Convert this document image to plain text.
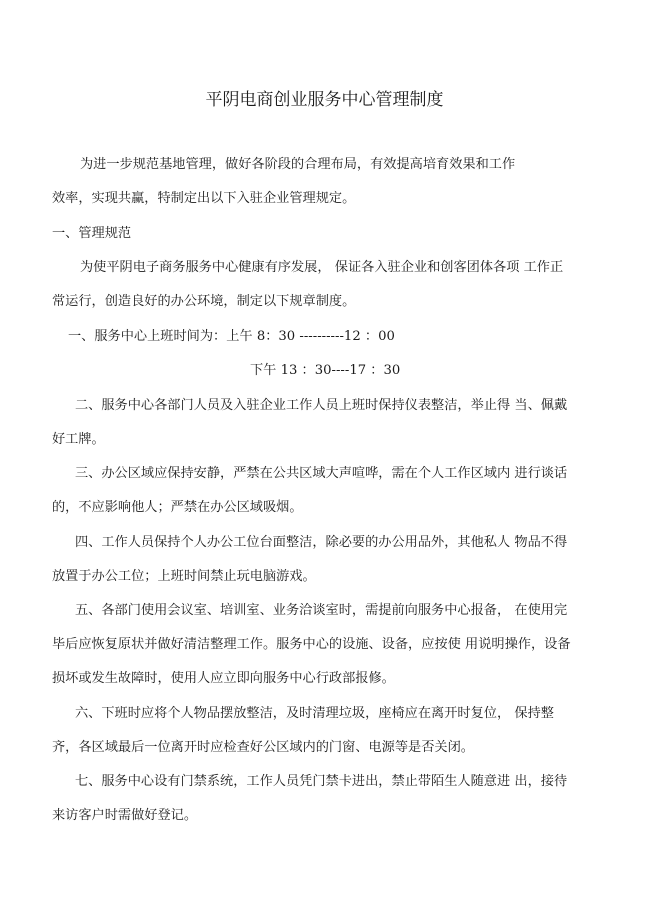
平阴电商创业服务中心管理制度
为进一步规范基地管理，做好各阶段的合理布局，有效提高培育效果和工作
效率，实现共赢，特制定出以下入驻企业管理规定。
一、管理规范
为使平阴电子商务服务中心健康有序发展， 保证各入驻企业和创客团体各项 工作正
常运行，创造良好的办公环境，制定以下规章制度。
一、服务中心上班时间为：上午 8：30 ----------12 ：00
下午 13 ：30----17 ：30
二、服务中心各部门人员及入驻企业工作人员上班时保持仪表整洁，举止得 当、佩戴
好工牌。
三、办公区域应保持安静，严禁在公共区域大声喧哗，需在个人工作区域内 进行谈话
的，不应影响他人；严禁在办公区域吸烟。
四、工作人员保持个人办公工位台面整洁，除必要的办公用品外，其他私人 物品不得
放置于办公工位；上班时间禁止玩电脑游戏。
五、各部门使用会议室、培训室、业务洽谈室时，需提前向服务中心报备， 在使用完
毕后应恢复原状并做好清洁整理工作。服务中心的设施、设备，应按使 用说明操作，设备
损坏或发生故障时，使用人应立即向服务中心行政部报修。
六、下班时应将个人物品摆放整洁，及时清理垃圾，座椅应在离开时复位， 保持整
齐，各区域最后一位离开时应检查好公区域内的门窗、电源等是否关闭。
七、服务中心设有门禁系统，工作人员凭门禁卡进出，禁止带陌生人随意进 出，接待
来访客户时需做好登记。
